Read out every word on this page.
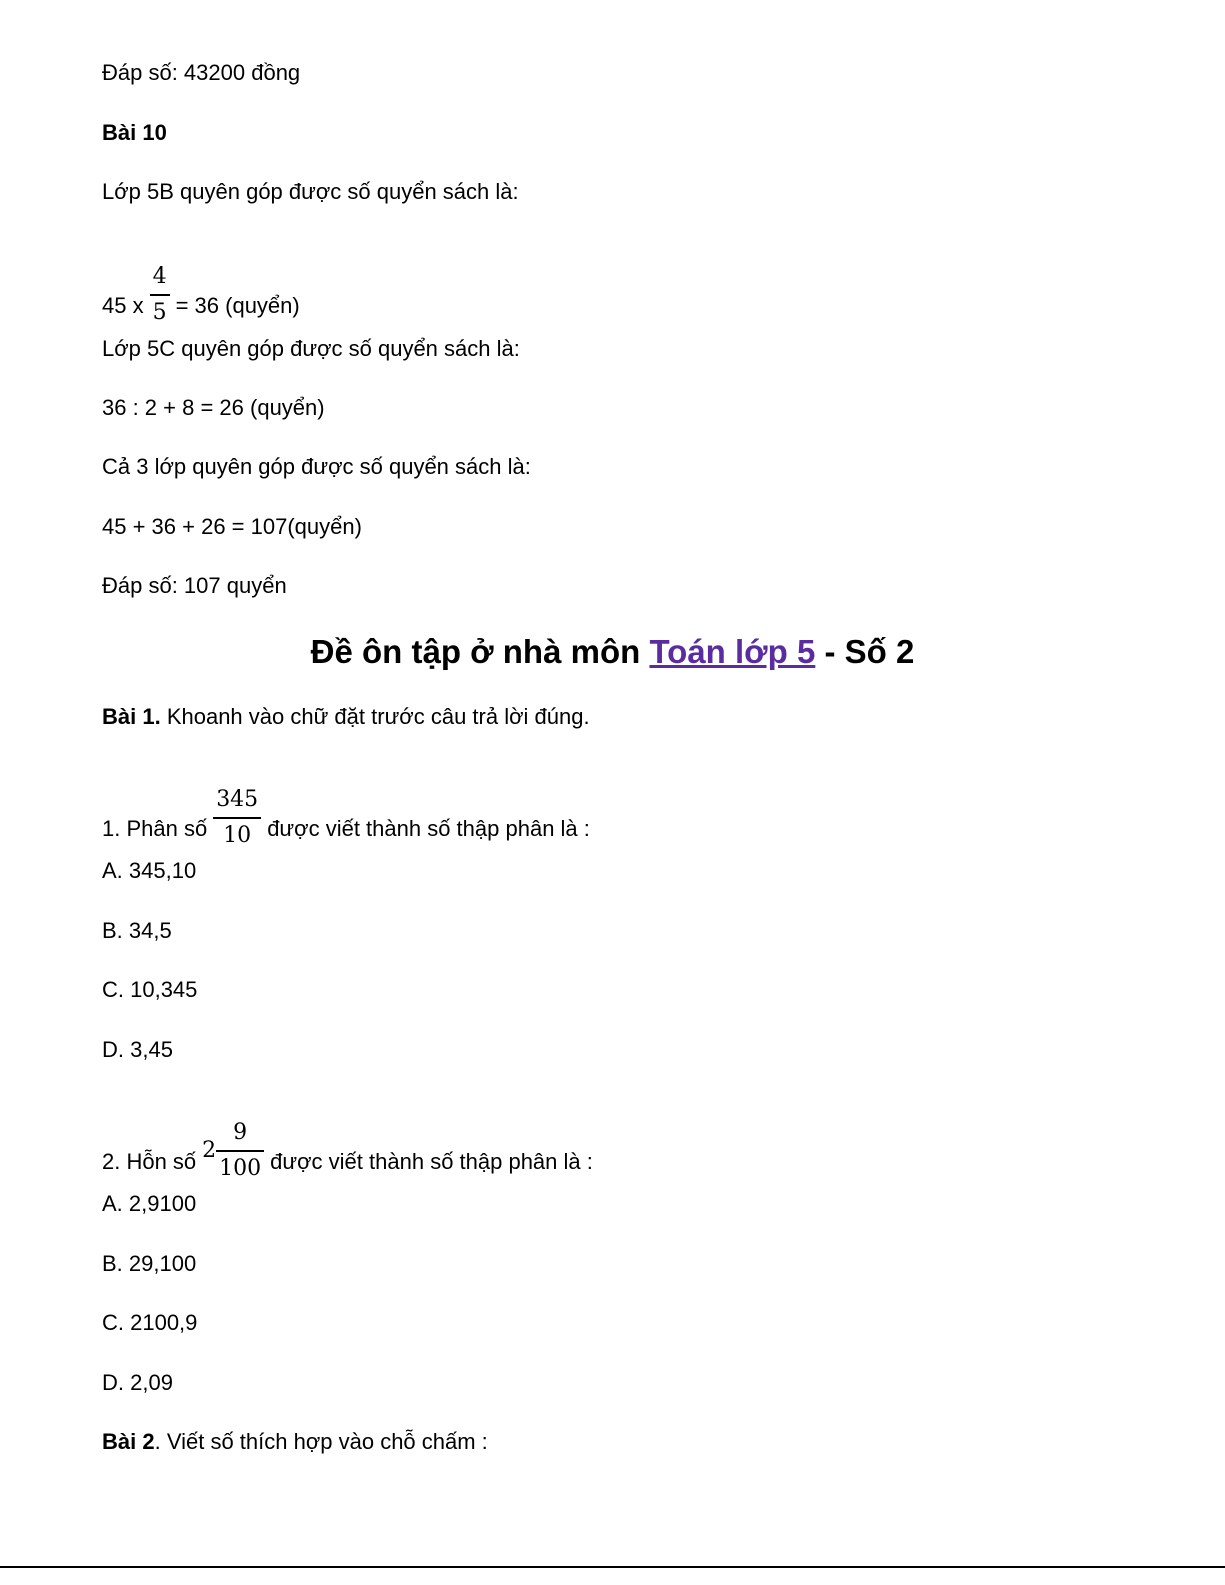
Đáp số: 43200 đồng
Bài 10
Lớp 5B quyên góp được số quyển sách là:
45 x $\frac{4}{5} = 36$ (quyển)
Lớp 5C quyên góp được số quyển sách là:
36 : 2 + 8 = 26 (quyển)
Cả 3 lớp quyên góp được số quyển sách là:
45 + 36 + 26 = 107(quyển)
Đáp số: 107 quyển
Đề ôn tập ở nhà môn Toán lớp 5 - Số 2
Bài 1. Khoanh vào chữ đặt trước câu trả lời đúng.
1. Phân số $\frac{345}{10}$ được viết thành số thập phân là :
A. 345,10
B. 34,5
C. 10,345
D. 3,45
2. Hỗn số $2 \frac{9}{100}$ được viết thành số thập phân là :
A. 2,9100
B. 29,100
C. 2100,9
D. 2,09
Bài 2. Viết số thích hợp vào chỗ chấm :
